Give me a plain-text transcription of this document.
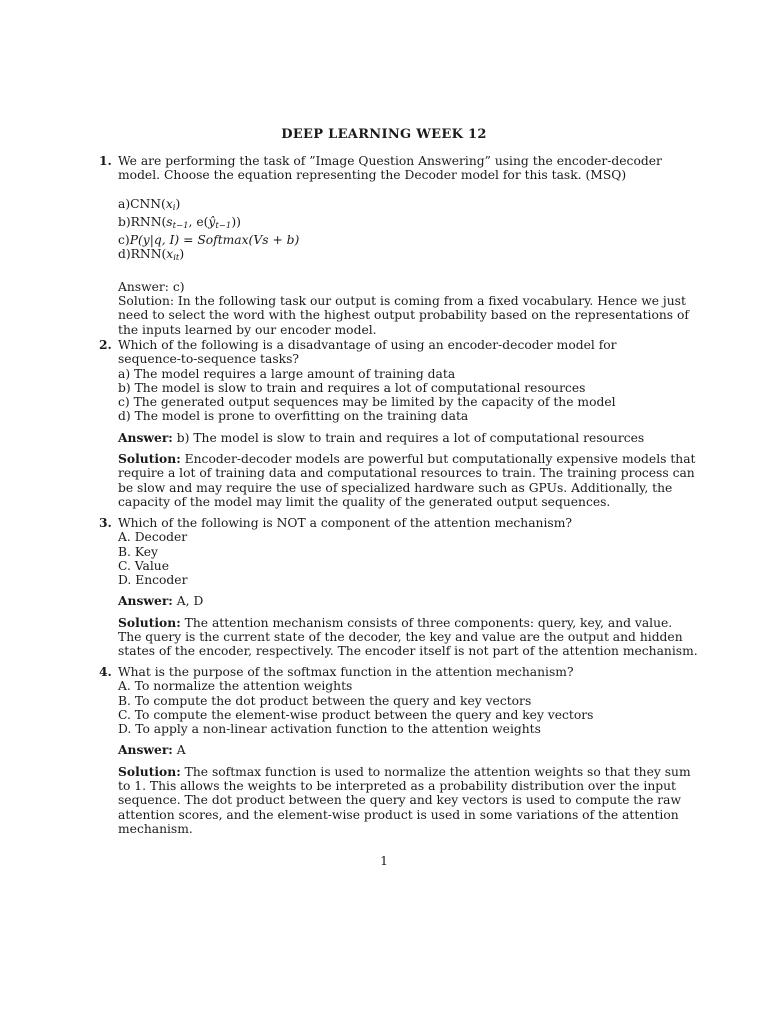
DEEP LEARNING WEEK 12
1. We are performing the task of ”Image Question Answering” using the encoder-decoder
model. Choose the equation representing the Decoder model for this task. (MSQ)
$a)CNN(x_i)$
$b)RNN(s_{t-1}$, $e(ŷ_{t-1})$)
c)P(y|q, I) = Softmax(Vs + b)
$d)RNN(x_{it})$
Answer: c)
Solution: In the following task our output is coming from a fixed vocabulary. Hence we just
need to select the word with the highest output probability based on the representations of
the inputs learned by our encoder model.
2. Which of the following is a disadvantage of using an encoder-decoder model for
sequence-to-sequence tasks?
a) The model requires a large amount of training data
b) The model is slow to train and requires a lot of computational resources
c) The generated output sequences may be limited by the capacity of the model
d) The model is prone to overfitting on the training data
Answer: b) The model is slow to train and requires a lot of computational resources
Solution: Encoder-decoder models are powerful but computationally expensive models that
require a lot of training data and computational resources to train. The training process can
be slow and may require the use of specialized hardware such as GPUs. Additionally, the
capacity of the model may limit the quality of the generated output sequences.
3. Which of the following is NOT a component of the attention mechanism?
A. Decoder
B. Key
C. Value
D. Encoder
Answer: A, D
Solution: The attention mechanism consists of three components: query, key, and value.
The query is the current state of the decoder, the key and value are the output and hidden
states of the encoder, respectively. The encoder itself is not part of the attention mechanism.
4. What is the purpose of the softmax function in the attention mechanism?
A. To normalize the attention weights
B. To compute the dot product between the query and key vectors
C. To compute the element-wise product between the query and key vectors
D. To apply a non-linear activation function to the attention weights
Answer: A
Solution: The softmax function is used to normalize the attention weights so that they sum
to 1. This allows the weights to be interpreted as a probability distribution over the input
sequence. The dot product between the query and key vectors is used to compute the raw
attention scores, and the element-wise product is used in some variations of the attention
mechanism.
1
